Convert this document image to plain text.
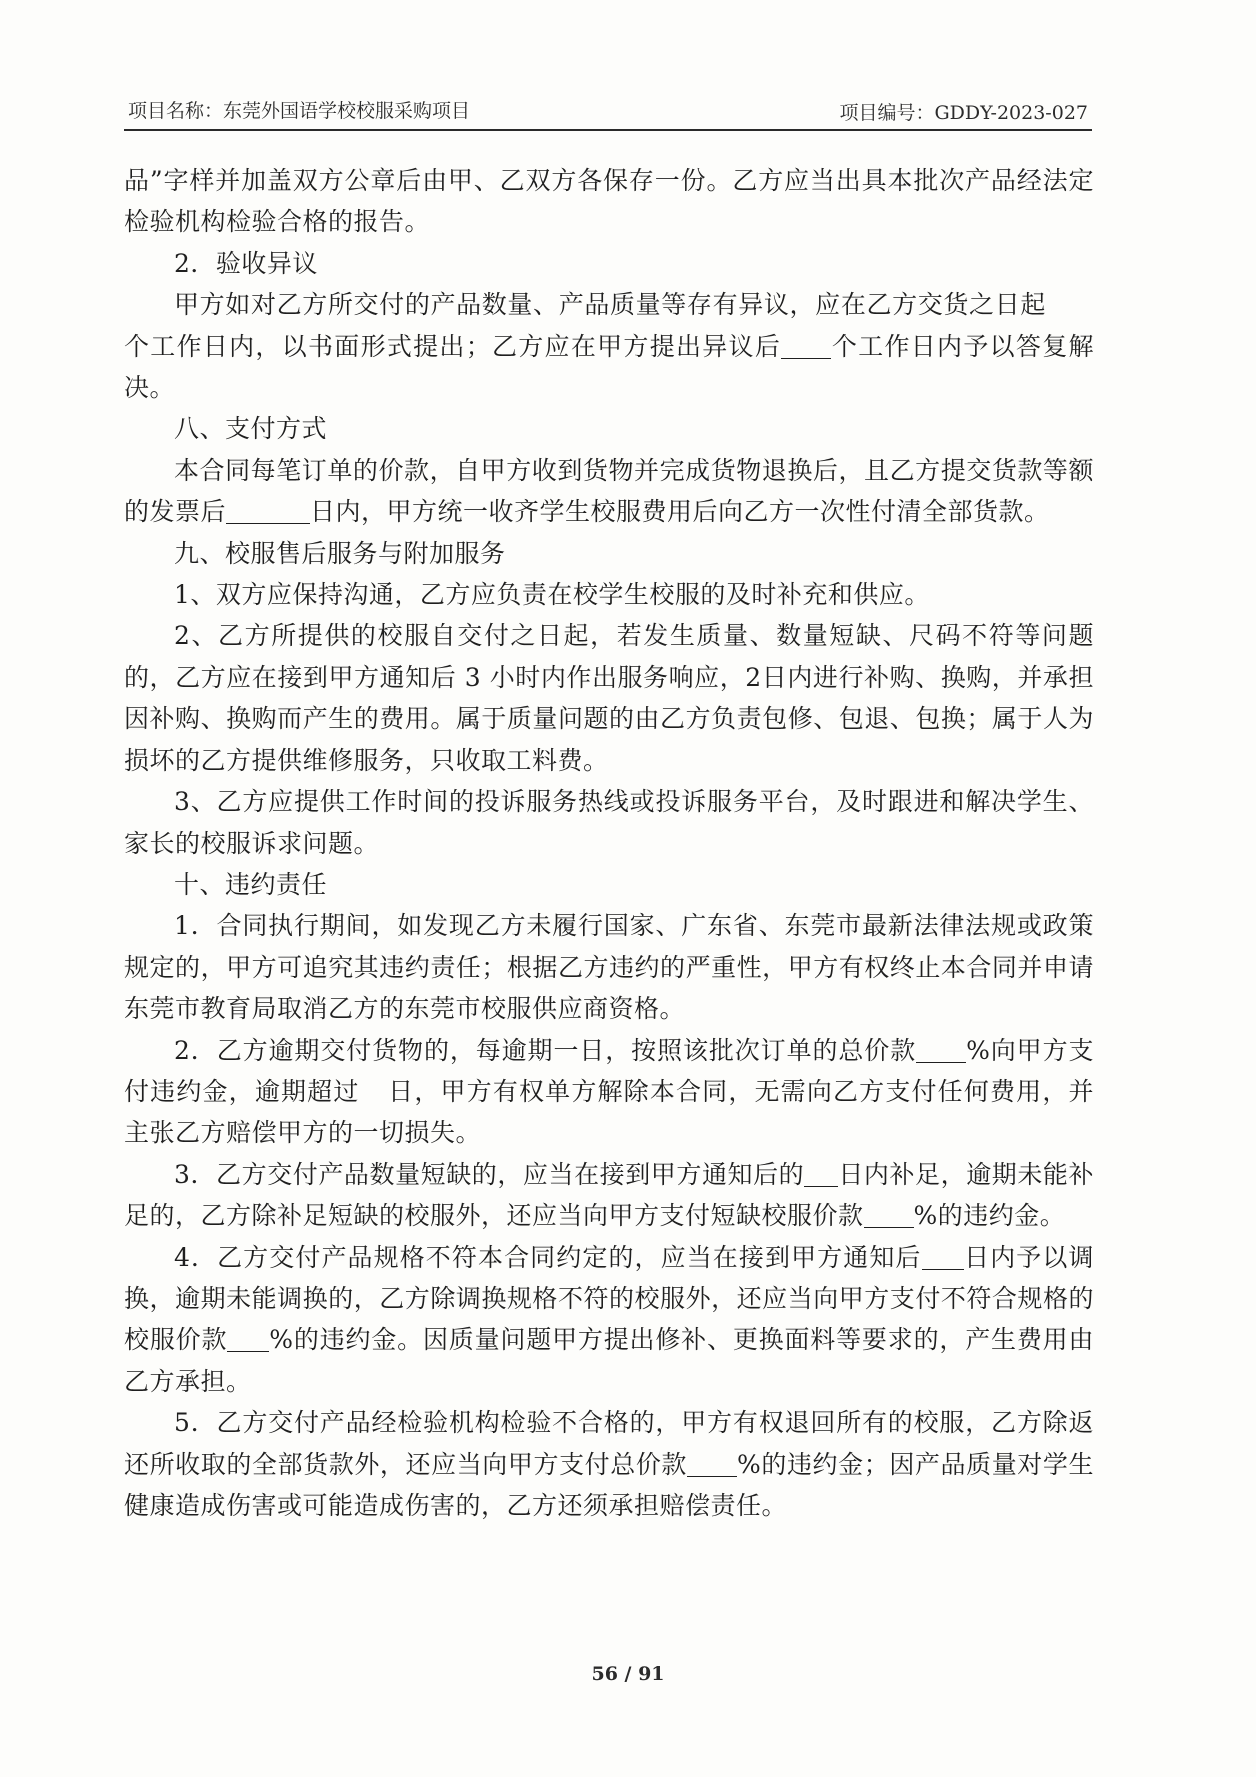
项目名称：东莞外国语学校校服采购项目	项目编号：GDDY-2023-027

品”字样并加盖双方公章后由甲、乙双方各保存一份。乙方应当出具本批次产品经法定检验机构检验合格的报告。

2．验收异议

甲方如对乙方所交付的产品数量、产品质量等存有异议，应在乙方交货之日起个工作日内，以书面形式提出；乙方应在甲方提出异议后 个工作日内予以答复解决。

八、支付方式

本合同每笔订单的价款，自甲方收到货物并完成货物退换后，且乙方提交货款等额的发票后	日内，甲方统一收齐学生校服费用后向乙方一次性付清全部货款。

九、校服售后服务与附加服务

1、双方应保持沟通，乙方应负责在校学生校服的及时补充和供应。

2、乙方所提供的校服自交付之日起，若发生质量、数量短缺、尺码不符等问题的，乙方应在接到甲方通知后 3 小时内作出服务响应，2日内进行补购、换购，并承担因补购、换购而产生的费用。属于质量问题的由乙方负责包修、包退、包换；属于人为损坏的乙方提供维修服务，只收取工料费。

3、乙方应提供工作时间的投诉服务热线或投诉服务平台，及时跟进和解决学生、家长的校服诉求问题。

十、违约责任

1．合同执行期间，如发现乙方未履行国家、广东省、东莞市最新法律法规或政策规定的，甲方可追究其违约责任；根据乙方违约的严重性，甲方有权终止本合同并申请东莞市教育局取消乙方的东莞市校服供应商资格。

2．乙方逾期交付货物的，每逾期一日，按照该批次订单的总价款 %向甲方支付违约金，逾期超过 日，甲方有权单方解除本合同，无需向乙方支付任何费用，并主张乙方赔偿甲方的一切损失。

3．乙方交付产品数量短缺的，应当在接到甲方通知后的 日内补足，逾期未能补足的，乙方除补足短缺的校服外，还应当向甲方支付短缺校服价款 %的违约金。

4．乙方交付产品规格不符本合同约定的，应当在接到甲方通知后 日内予以调换，逾期未能调换的，乙方除调换规格不符的校服外，还应当向甲方支付不符合规格的校服价款 %的违约金。因质量问题甲方提出修补、更换面料等要求的，产生费用由乙方承担。

5．乙方交付产品经检验机构检验不合格的，甲方有权退回所有的校服，乙方除返还所收取的全部货款外，还应当向甲方支付总价款 %的违约金；因产品质量对学生健康造成伤害或可能造成伤害的，乙方还须承担赔偿责任。

56 / 91
